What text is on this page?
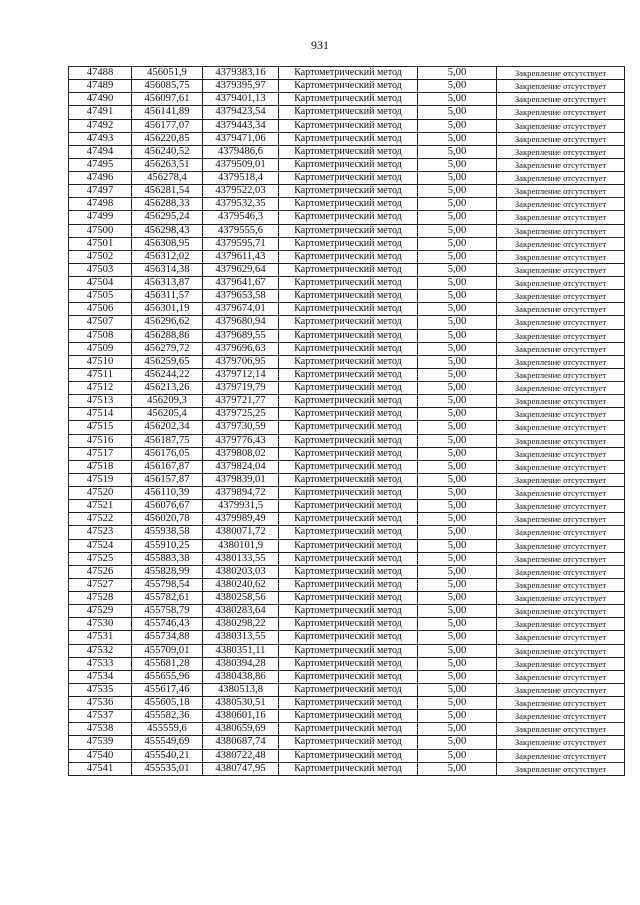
931
47488	456051,9	4379383,16	Картометрический метод	5,00	Закрепление отсутствует
47489	456085,75	4379395,97	Картометрический метод	5,00	Закрепление отсутствует
47490	456097,61	4379401,13	Картометрический метод	5,00	Закрепление отсутствует
47491	456141,89	4379423,54	Картометрический метод	5,00	Закрепление отсутствует
47492	456177,07	4379443,34	Картометрический метод	5,00	Закрепление отсутствует
47493	456220,85	4379471,06	Картометрический метод	5,00	Закрепление отсутствует
47494	456240,52	4379486,6	Картометрический метод	5,00	Закрепление отсутствует
47495	456263,51	4379509,01	Картометрический метод	5,00	Закрепление отсутствует
47496	456278,4	4379518,4	Картометрический метод	5,00	Закрепление отсутствует
47497	456281,54	4379522,03	Картометрический метод	5,00	Закрепление отсутствует
47498	456288,33	4379532,35	Картометрический метод	5,00	Закрепление отсутствует
47499	456295,24	4379546,3	Картометрический метод	5,00	Закрепление отсутствует
47500	456298,43	4379555,6	Картометрический метод	5,00	Закрепление отсутствует
47501	456308,95	4379595,71	Картометрический метод	5,00	Закрепление отсутствует
47502	456312,02	4379611,43	Картометрический метод	5,00	Закрепление отсутствует
47503	456314,38	4379629,64	Картометрический метод	5,00	Закрепление отсутствует
47504	456313,87	4379641,67	Картометрический метод	5,00	Закрепление отсутствует
47505	456311,57	4379653,58	Картометрический метод	5,00	Закрепление отсутствует
47506	456301,19	4379674,01	Картометрический метод	5,00	Закрепление отсутствует
47507	456296,62	4379680,94	Картометрический метод	5,00	Закрепление отсутствует
47508	456288,86	4379689,55	Картометрический метод	5,00	Закрепление отсутствует
47509	456279,72	4379696,63	Картометрический метод	5,00	Закрепление отсутствует
47510	456259,65	4379706,95	Картометрический метод	5,00	Закрепление отсутствует
47511	456244,22	4379712,14	Картометрический метод	5,00	Закрепление отсутствует
47512	456213,26	4379719,79	Картометрический метод	5,00	Закрепление отсутствует
47513	456209,3	4379721,77	Картометрический метод	5,00	Закрепление отсутствует
47514	456205,4	4379725,25	Картометрический метод	5,00	Закрепление отсутствует
47515	456202,34	4379730,59	Картометрический метод	5,00	Закрепление отсутствует
47516	456187,75	4379776,43	Картометрический метод	5,00	Закрепление отсутствует
47517	456176,05	4379808,02	Картометрический метод	5,00	Закрепление отсутствует
47518	456167,87	4379824,04	Картометрический метод	5,00	Закрепление отсутствует
47519	456157,87	4379839,01	Картометрический метод	5,00	Закрепление отсутствует
47520	456110,39	4379894,72	Картометрический метод	5,00	Закрепление отсутствует
47521	456076,67	4379931,5	Картометрический метод	5,00	Закрепление отсутствует
47522	456020,78	4379989,49	Картометрический метод	5,00	Закрепление отсутствует
47523	455938,58	4380071,72	Картометрический метод	5,00	Закрепление отсутствует
47524	455910,25	4380101,9	Картометрический метод	5,00	Закрепление отсутствует
47525	455883,38	4380133,55	Картометрический метод	5,00	Закрепление отсутствует
47526	455828,99	4380203,03	Картометрический метод	5,00	Закрепление отсутствует
47527	455798,54	4380240,62	Картометрический метод	5,00	Закрепление отсутствует
47528	455782,61	4380258,56	Картометрический метод	5,00	Закрепление отсутствует
47529	455758,79	4380283,64	Картометрический метод	5,00	Закрепление отсутствует
47530	455746,43	4380298,22	Картометрический метод	5,00	Закрепление отсутствует
47531	455734,88	4380313,55	Картометрический метод	5,00	Закрепление отсутствует
47532	455709,01	4380351,11	Картометрический метод	5,00	Закрепление отсутствует
47533	455681,28	4380394,28	Картометрический метод	5,00	Закрепление отсутствует
47534	455655,96	4380438,86	Картометрический метод	5,00	Закрепление отсутствует
47535	455617,46	4380513,8	Картометрический метод	5,00	Закрепление отсутствует
47536	455605,18	4380530,51	Картометрический метод	5,00	Закрепление отсутствует
47537	455582,36	4380601,16	Картометрический метод	5,00	Закрепление отсутствует
47538	455559,6	4380659,69	Картометрический метод	5,00	Закрепление отсутствует
47539	455549,69	4380687,74	Картометрический метод	5,00	Закрепление отсутствует
47540	455540,21	4380722,48	Картометрический метод	5,00	Закрепление отсутствует
47541	455535,01	4380747,95	Картометрический метод	5,00	Закрепление отсутствует
